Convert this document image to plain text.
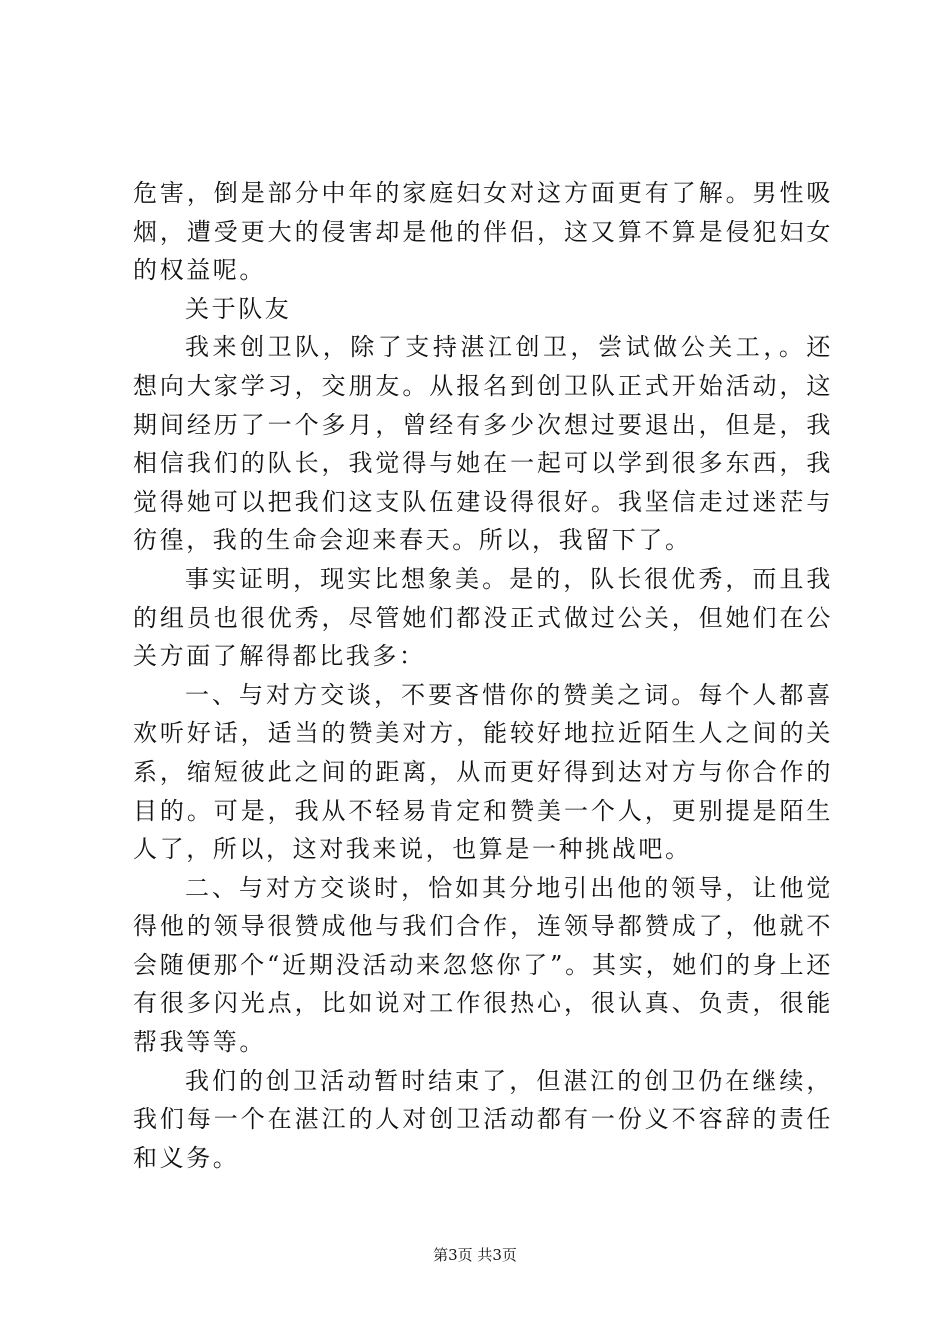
危害，倒是部分中年的家庭妇女对这方面更有了解。男性吸烟，遭受更大的侵害却是他的伴侣，这又算不算是侵犯妇女的权益呢。

关于队友

我来创卫队，除了支持湛江创卫，尝试做公关工，。还想向大家学习，交朋友。从报名到创卫队正式开始活动，这期间经历了一个多月，曾经有多少次想过要退出，但是，我相信我们的队长，我觉得与她在一起可以学到很多东西，我觉得她可以把我们这支队伍建设得很好。我坚信走过迷茫与彷徨，我的生命会迎来春天。所以，我留下了。

事实证明，现实比想象美。是的，队长很优秀，而且我的组员也很优秀，尽管她们都没正式做过公关，但她们在公关方面了解得都比我多：

一、与对方交谈，不要吝惜你的赞美之词。每个人都喜欢听好话，适当的赞美对方，能较好地拉近陌生人之间的关系，缩短彼此之间的距离，从而更好得到达对方与你合作的目的。可是，我从不轻易肯定和赞美一个人，更别提是陌生人了，所以，这对我来说，也算是一种挑战吧。

二、与对方交谈时，恰如其分地引出他的领导，让他觉得他的领导很赞成他与我们合作，连领导都赞成了，他就不会随便那个“近期没活动来忽悠你了”。其实，她们的身上还有很多闪光点，比如说对工作很热心，很认真、负责，很能帮我等等。

我们的创卫活动暂时结束了，但湛江的创卫仍在继续，我们每一个在湛江的人对创卫活动都有一份义不容辞的责任和义务。

第3页 共3页
